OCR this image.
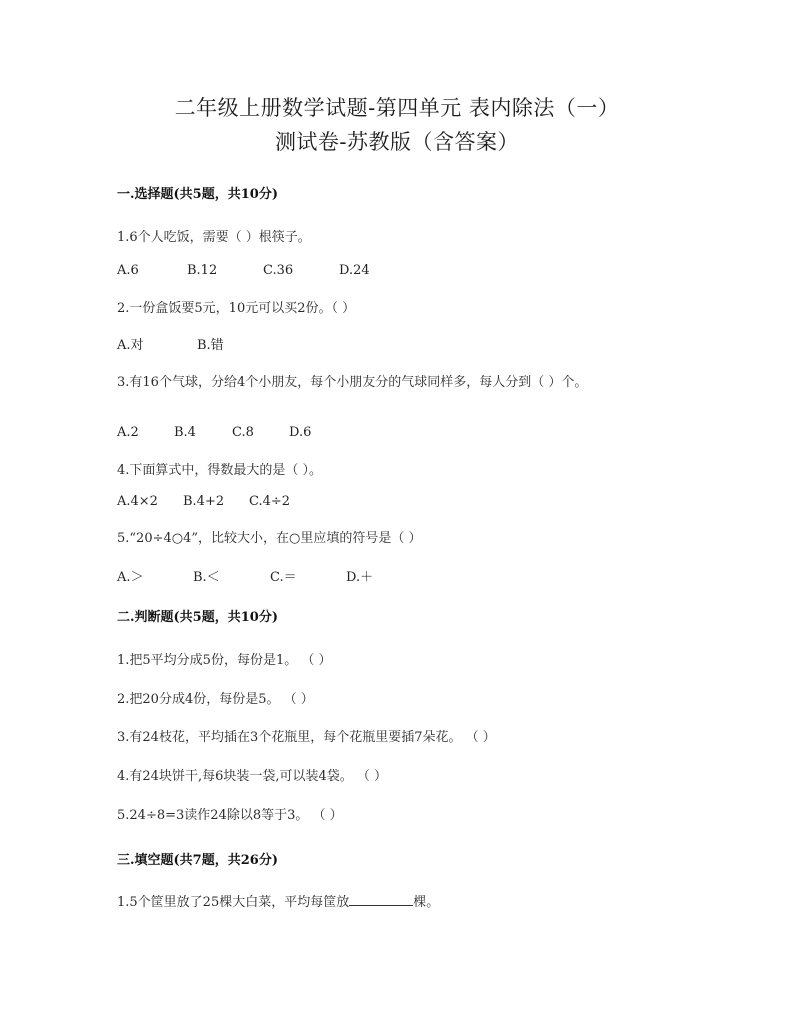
二年级上册数学试题-第四单元 表内除法（一）
测试卷-苏教版（含答案）
一.选择题(共5题，共10分)
1.6个人吃饭，需要（ ）根筷子。
A.6	B.12	C.36	D.24
2.一份盒饭要5元，10元可以买2份。（ ）
A.对	B.错
3.有16个气球，分给4个小朋友，每个小朋友分的气球同样多，每人分到（ ）个。
A.2	B.4	C.8	D.6
4.下面算式中，得数最大的是（ ）。
A.4×2 B.4+2 C.4÷2
5.“20÷4○4”，比较大小，在○里应填的符号是（ ）
A.＞	B.＜	C.＝	D.＋
二.判断题(共5题，共10分)
1.把5平均分成5份，每份是1。 （ ）
2.把20分成4份，每份是5。 （ ）
3.有24枝花，平均插在3个花瓶里，每个花瓶里要插7朵花。 （ ）
4.有24块饼干,每6块装一袋,可以装4袋。 （ ）
5.24÷8=3读作24除以8等于3。 （ ）
三.填空题(共7题，共26分)
1.5个筐里放了25棵大白菜，平均每筐放	棵。
